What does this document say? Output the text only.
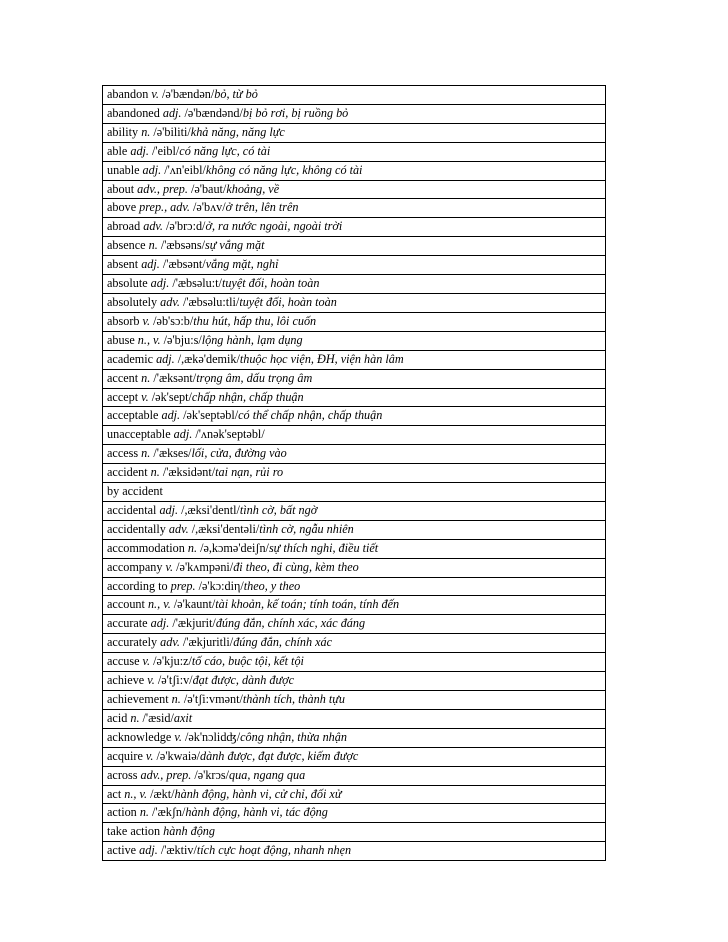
abandon v. /ə'bændən/bỏ, từ bỏ
abandoned adj. /ə'bændənd/bị bỏ rơi, bị ruồng bỏ
ability n. /ə'biliti/khả năng, năng lực
able adj. /'eibl/có năng lực, có tài
unable adj. /'ʌn'eibl/không có năng lực, không có tài
about adv., prep. /ə'baut/khoảng, về
above prep., adv. /ə'bʌv/ở trên, lên trên
abroad adv. /ə'brɔ:d/ở, ra nước ngoài, ngoài trời
absence n. /'æbsəns/sự vắng mặt
absent adj. /'æbsənt/vắng mặt, nghỉ
absolute adj. /'æbsəlu:t/tuyệt đối, hoàn toàn
absolutely adv. /'æbsəlu:tli/tuyệt đối, hoàn toàn
absorb v. /əb'sɔ:b/thu hút, hấp thu, lôi cuốn
abuse n., v. /ə'bju:s/lộng hành, lạm dụng
academic adj. /,ækə'demik/thuộc học viện, ĐH, viện hàn lâm
accent n. /'æksənt/trọng âm, dấu trọng âm
accept v. /ək'sept/chấp nhận, chấp thuận
acceptable adj. /ək'septəbl/có thể chấp nhận, chấp thuận
unacceptable adj. /'ʌnək'septəbl/
access n. /'ækses/lối, cửa, đường vào
accident n. /'æksidənt/tai nạn, rủi ro
by accident
accidental adj. /,æksi'dentl/tình cờ, bất ngờ
accidentally adv. /,æksi'dentəli/tình cờ, ngẫu nhiên
accommodation n. /ə,kɔmə'deiʃn/sự thích nghi, điều tiết
accompany v. /ə'kʌmpəni/đi theo, đi cùng, kèm theo
according to prep. /ə'kɔ:diη/theo, y theo
account n., v. /ə'kaunt/tài khoản, kế toán; tính toán, tính đến
accurate adj. /'ækjurit/đúng đắn, chính xác, xác đáng
accurately adv. /'ækjuritli/đúng đắn, chính xác
accuse v. /ə'kju:z/tố cáo, buộc tội, kết tội
achieve v. /ə'tʃi:v/đạt được, dành được
achievement n. /ə'tʃi:vmənt/thành tích, thành tựu
acid n. /'æsid/axit
acknowledge v. /ək'nɔlidʤ/công nhận, thừa nhận
acquire v. /ə'kwaiə/dành được, đạt được, kiếm được
across adv., prep. /ə'krɔs/qua, ngang qua
act n., v. /ækt/hành động, hành vi, cử chỉ, đối xử
action n. /'ækʃn/hành động, hành vi, tác động
take action hành động
active adj. /'æktiv/tích cực hoạt động, nhanh nhẹn
